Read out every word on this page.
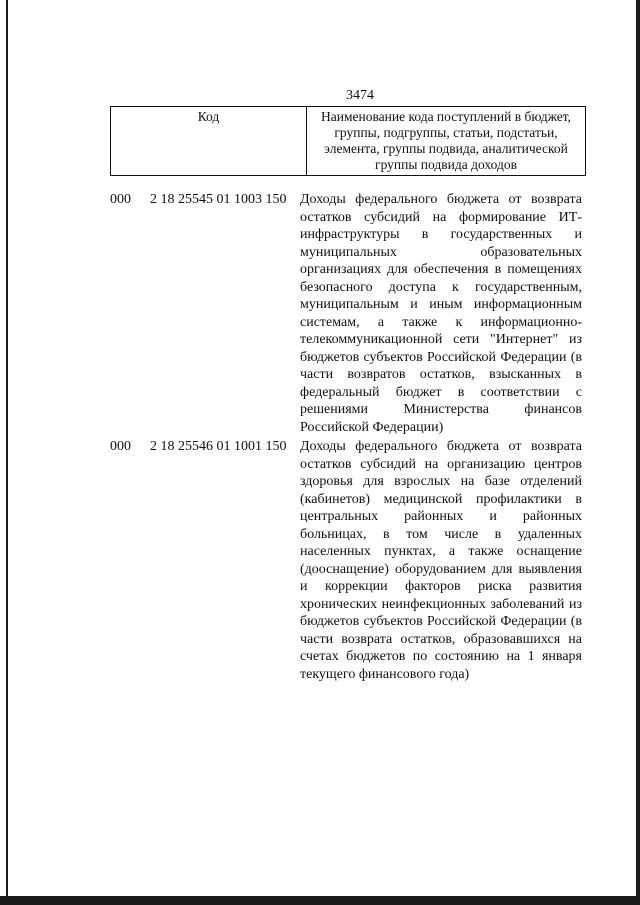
3474
Код	Наименование кода поступлений в бюджет, группы, подгруппы, статьи, подстатьи, элемента, группы подвида, аналитической группы подвида доходов
000	2 18 25545 01 1003 150 Доходы федерального бюджета от возврата остатков субсидий на формирование ИТ-инфраструктуры в государственных и муниципальных образовательных организациях для обеспечения в помещениях безопасного доступа к государственным, муниципальным и иным информационным системам, а также к информационно-телекоммуникационной сети "Интернет" из бюджетов субъектов Российской Федерации (в части возвратов остатков, взысканных в федеральный бюджет в соответствии с решениями Министерства финансов Российской Федерации)
000	2 18 25546 01 1001 150 Доходы федерального бюджета от возврата остатков субсидий на организацию центров здоровья для взрослых на базе отделений (кабинетов) медицинской профилактики в центральных районных и районных больницах, в том числе в удаленных населенных пунктах, а также оснащение (дооснащение) оборудованием для выявления и коррекции факторов риска развития хронических неинфекционных заболеваний из бюджетов субъектов Российской Федерации (в части возврата остатков, образовавшихся на счетах бюджетов по состоянию на 1 января текущего финансового года)
